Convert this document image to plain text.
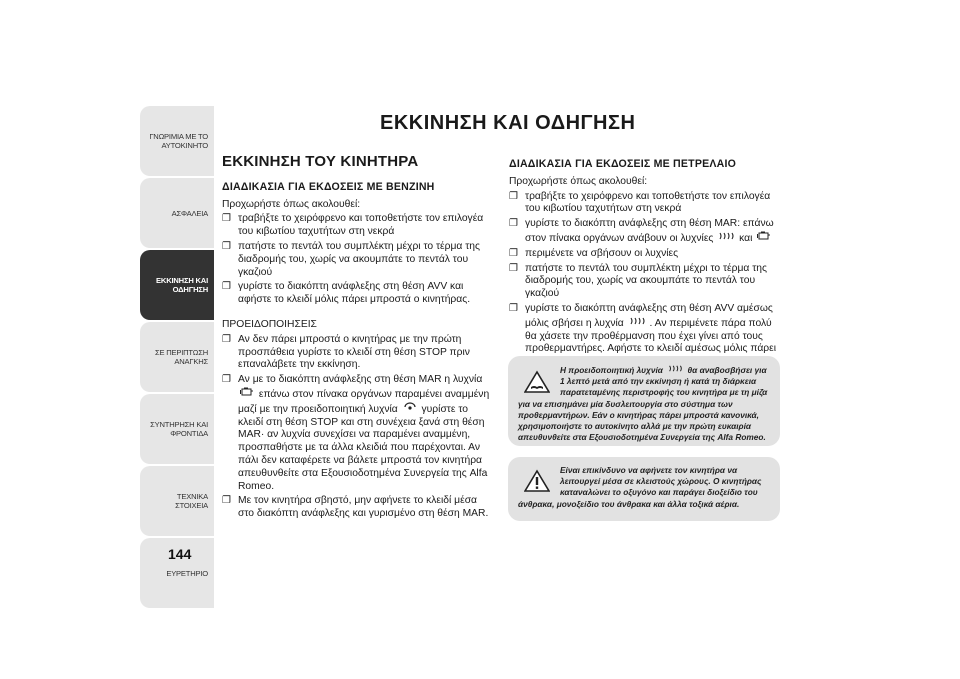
ΓΝΩΡΙΜΙΑ ΜΕ ΤΟ
ΑΥΤΟΚΙΝΗΤΟ
ΑΣΦΑΛΕΙΑ
ΕΚΚΙΝΗΣΗ ΚΑΙ
ΟΔΗΓΗΣΗ
ΣΕ ΠΕΡΙΠΤΩΣΗ
ΑΝΑΓΚΗΣ
ΣΥΝΤΗΡΗΣΗ ΚΑΙ
ΦΡΟΝΤΙΔΑ
ΤΕΧΝΙΚΑ ΣΤΟΙΧΕΙΑ
ΕΥΡΕΤΗΡΙΟ
144
ΕΚΚΙΝΗΣΗ ΚΑΙ ΟΔΗΓΗΣΗ
ΕΚΚΙΝΗΣΗ ΤΟΥ ΚΙΝΗΤΗΡΑ
ΔΙΑΔΙΚΑΣΙΑ ΓΙΑ ΕΚΔΟΣΕΙΣ ΜΕ ΒΕΝΖΙΝΗ
Προχωρήστε όπως ακολουθεί:
❐ τραβήξτε το χειρόφρενο και τοποθετήστε τον επιλογέα του κιβωτίου ταχυτήτων στη νεκρά
❐ πατήστε το πεντάλ του συμπλέκτη μέχρι το τέρμα της διαδρομής του, χωρίς να ακουμπάτε το πεντάλ του γκαζιού
❐ γυρίστε το διακόπτη ανάφλεξης στη θέση AVV και αφήστε το κλειδί μόλις πάρει μπροστά ο κινητήρας.
ΠΡΟΕΙΔΟΠΟΙΗΣΕΙΣ
❐ Αν δεν πάρει μπροστά ο κινητήρας με την πρώτη προσπάθεια γυρίστε το κλειδί στη θέση STOP πριν επαναλάβετε την εκκίνηση.
❐ Αν με το διακόπτη ανάφλεξης στη θέση MAR η λυχνία  επάνω στον πίνακα οργάνων παραμένει αναμμένη μαζί με την προειδοποιητική λυχνία γυρίστε το κλειδί στη θέση STOP και στη συνέχεια ξανά στη θέση MAR· αν λυχνία συνεχίσει να παραμένει αναμμένη, προσπαθήστε με τα άλλα κλειδιά που παρέχονται. Αν πάλι δεν καταφέρετε να βάλετε μπροστά τον κινητήρα απευθυνθείτε στα Εξουσιοδοτημένα Συνεργεία της Alfa Romeo.
❐ Με τον κινητήρα σβηστό, μην αφήνετε το κλειδί μέσα στο διακόπτη ανάφλεξης και γυρισμένο στη θέση MAR.
ΔΙΑΔΙΚΑΣΙΑ ΓΙΑ ΕΚΔΟΣΕΙΣ ΜΕ ΠΕΤΡΕΛΑΙΟ
Προχωρήστε όπως ακολουθεί:
❐ τραβήξτε το χειρόφρενο και τοποθετήστε τον επιλογέα του κιβωτίου ταχυτήτων στη νεκρά
❐ γυρίστε το διακόπτη ανάφλεξης στη θέση MAR: επάνω στον πίνακα οργάνων ανάβουν οι λυχνίες	και
❐ περιμένετε να σβήσουν οι λυχνίες
❐ πατήστε το πεντάλ του συμπλέκτη μέχρι το τέρμα της διαδρομής του, χωρίς να ακουμπάτε το πεντάλ του γκαζιού
❐ γυρίστε το διακόπτη ανάφλεξης στη θέση AVV αμέσως μόλις σβήσει η λυχνία	. Αν περιμένετε πάρα πολύ θα χάσετε την προθέρμανση που έχει γίνει από τους προθερμαντήρες. Αφήστε το κλειδί αμέσως μόλις πάρει

Η προειδοποιητική λυχνία	θα αναβοσβήσει για 1 λεπτό μετά από την εκκίνηση ή κατά τη διάρκεια παρατεταμένης περιστροφής του κινητήρα με τη μίζα για να επισημάνει μία δυσλειτουργία στο σύστημα των προθερμαντήρων. Εάν ο κινητήρας πάρει μπροστά κανονικά, χρησιμοποιήστε το αυτοκίνητο αλλά με την πρώτη ευκαιρία απευθυνθείτε στα Εξουσιοδοτημένα Συνεργεία της Alfa Romeo.

Είναι επικίνδυνο να αφήνετε τον κινητήρα να λειτουργεί μέσα σε κλειστούς χώρους. Ο κινητήρας καταναλώνει το οξυγόνο και παράγει διοξείδιο του άνθρακα, μονοξείδιο του άνθρακα και άλλα τοξικά αέρια.
